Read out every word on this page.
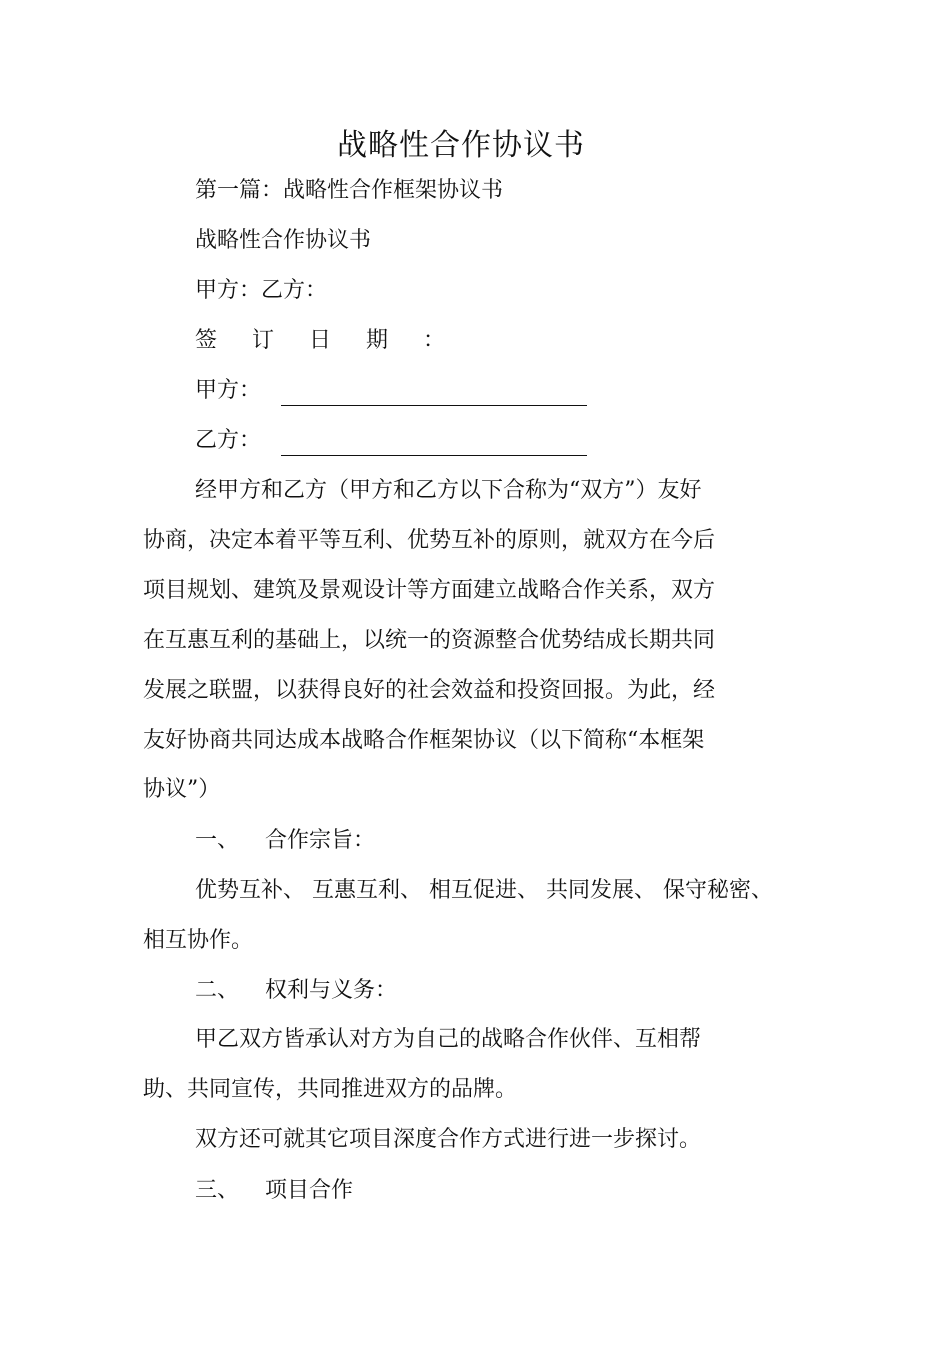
战略性合作协议书
第一篇：战略性合作框架协议书
战略性合作协议书
甲方：乙方：
签 订 日 期 ：
甲方：
乙方：
经甲方和乙方（甲方和乙方以下合称为“双方”）友好
协商，决定本着平等互利、优势互补的原则，就双方在今后
项目规划、建筑及景观设计等方面建立战略合作关系，双方
在互惠互利的基础上，以统一的资源整合优势结成长期共同
发展之联盟，以获得良好的社会效益和投资回报。为此，经
友好协商共同达成本战略合作框架协议（以下简称“本框架
协议”）
一、 合作宗旨：
优势互补、 互惠互利、 相互促进、 共同发展、 保守秘密、
相互协作。
二、 权利与义务：
甲乙双方皆承认对方为自己的战略合作伙伴、互相帮
助、共同宣传，共同推进双方的品牌。
双方还可就其它项目深度合作方式进行进一步探讨。
三、 项目合作
